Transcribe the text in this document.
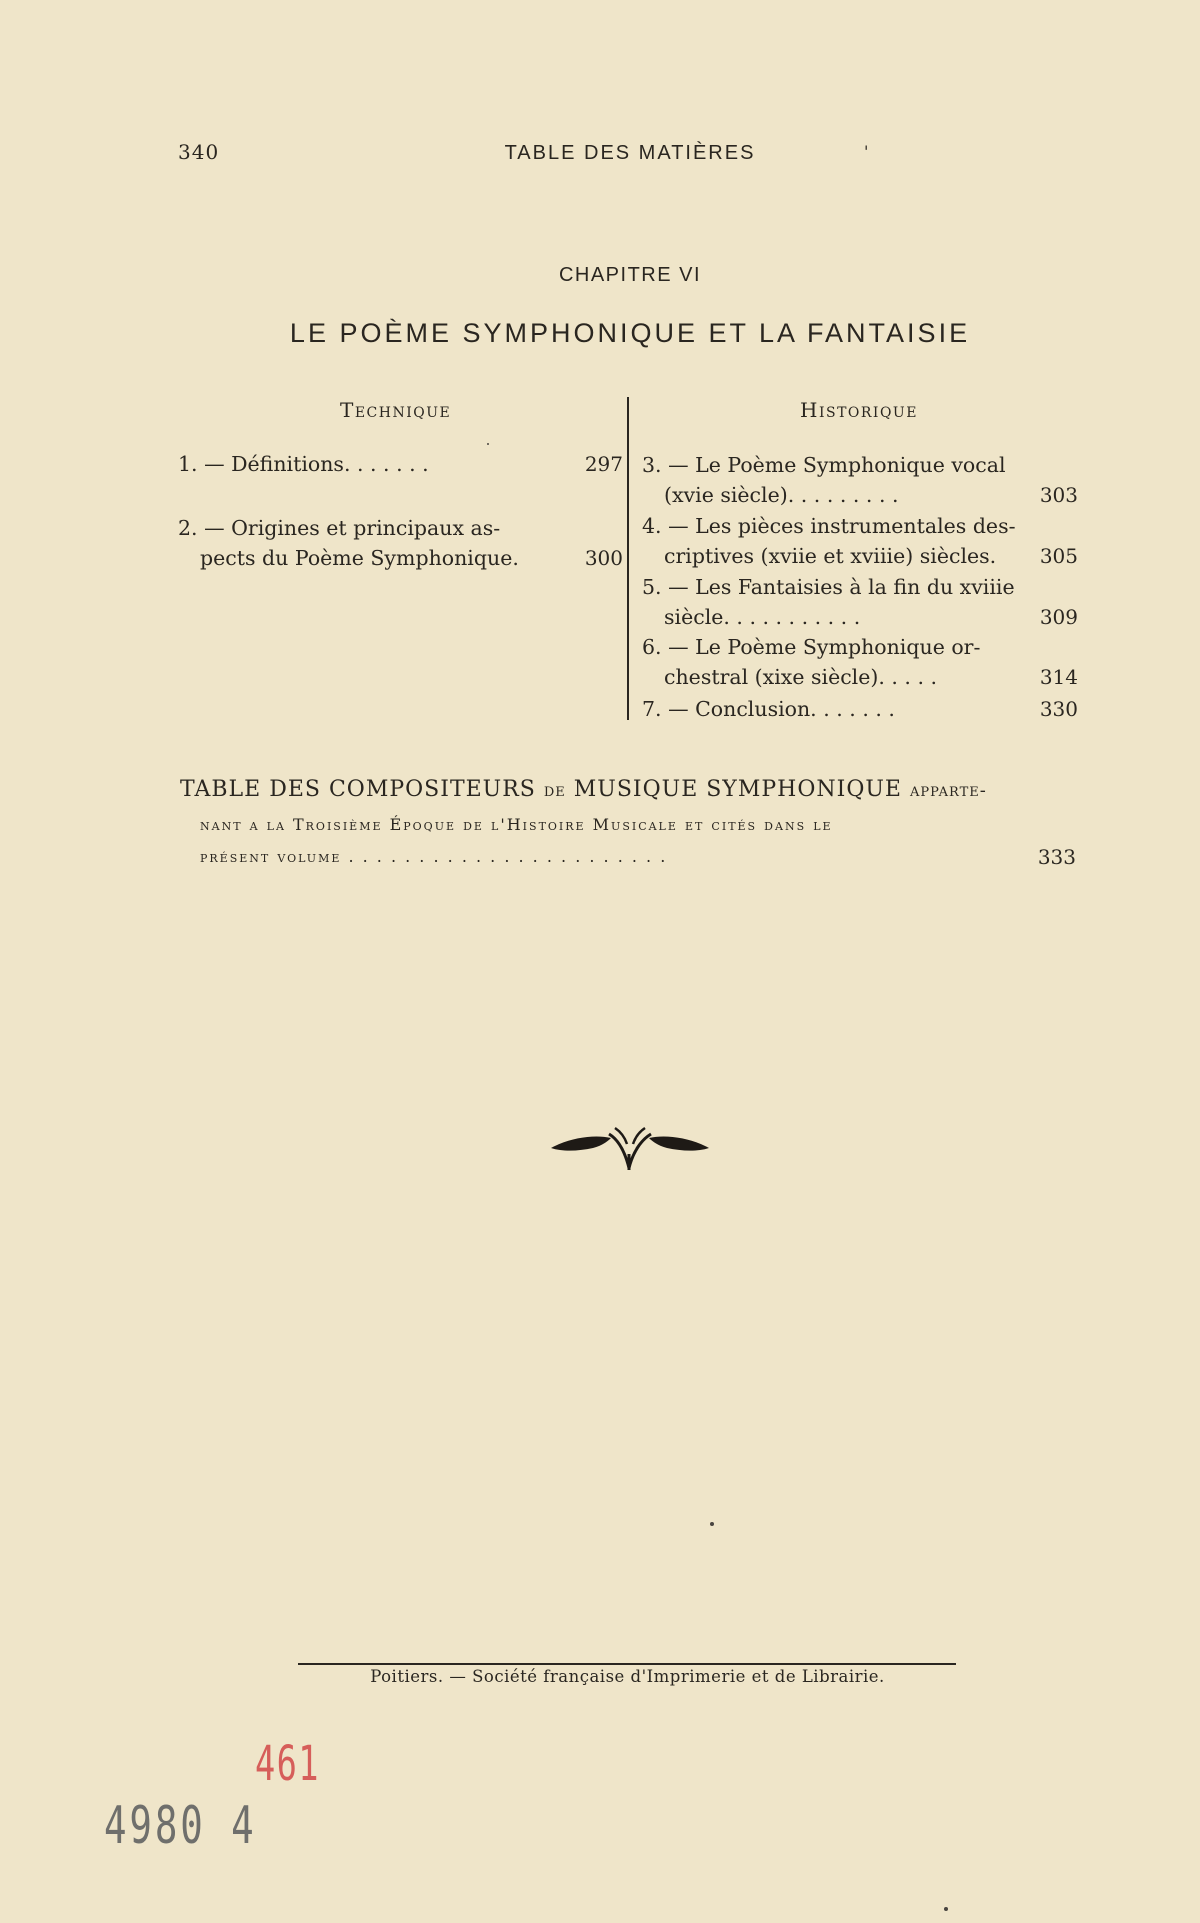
340	TABLE DES MATIÈRES	'
CHAPITRE VI
LE POÈME SYMPHONIQUE ET LA FANTAISIE
Technique	Historique
1. — Définitions. . . . . . .	297
2. — Origines et principaux as-
pects du Poème Symphonique.	300
3. — Le Poème Symphonique vocal
(xvie siècle). . . . . . . . .	303
4. — Les pièces instrumentales des-
criptives (xviie et xviiie) siècles. 305
5. — Les Fantaisies à la fin du xviiie
siècle. . . . . . . . . . .	309
6. — Le Poème Symphonique or-
chestral (xixe siècle). . . . .	314
7. — Conclusion. . . . . . .	330
TABLE DES COMPOSITEURS de MUSIQUE SYMPHONIQUE apparte-
nant a la Troisième Époque de l'Histoire Musicale et cités dans le
présent volume . . . . . . . . . . . . . . . . . . . . . . .	333
Poitiers. — Société française d'Imprimerie et de Librairie.
461
4980 4
